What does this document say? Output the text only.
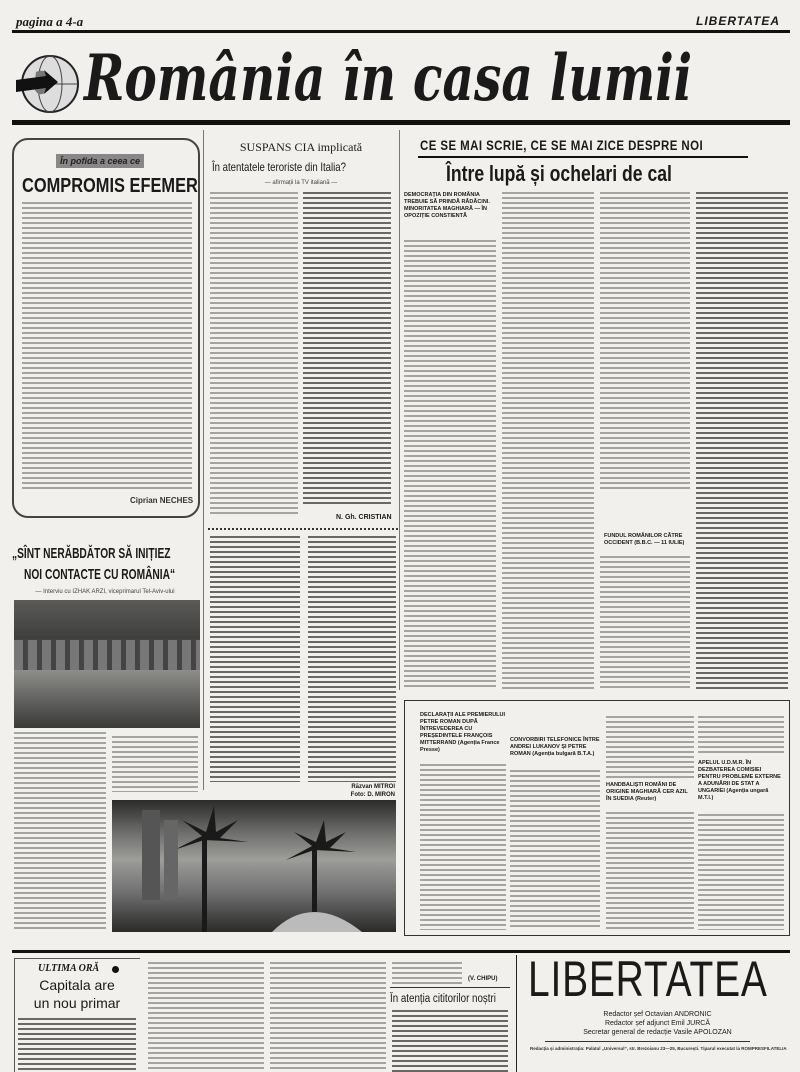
pagina a 4-a	LIBERTATEA
România în casa lumii
În pofida a ceea ce
COMPROMIS EFEMER
Ciprian NECHES
„SÎNT NERĂBDĂTOR SĂ INIȚIEZ
NOI CONTACTE CU ROMÂNIA“
— Interviu cu IZHAK ARZI, viceprimarul Tel-Aviv-ului
SUSPANS CIA implicată
În atentatele teroriste din Italia?
— afirmații la TV italiană —
N. Gh. CRISTIAN
Răzvan MITROI
Foto: D. MIRON
CE SE MAI SCRIE, CE SE MAI ZICE DESPRE NOI
Între lupă și ochelari de cal
DEMOCRAȚIA DIN ROMÂNIA TREBUIE SĂ PRINDĂ RĂDĂCINI. MINORITATEA MAGHIARĂ — ÎN OPOZIȚIE CONSTIENTĂ
FUNDUL ROMÂNILOR CĂTRE OCCIDENT (B.B.C. — 11 IULIE)
DECLARAȚII ALE PREMIERULUI PETRE ROMAN DUPĂ ÎNTREVEDEREA CU PREȘEDINTELE FRANÇOIS MITTERRAND (Agenția France Presse)
CONVORBIRI TELEFONICE ÎNTRE ANDREI LUKANOV ȘI PETRE ROMAN (Agenția bulgară B.T.A.)
HANDBALIȘTI ROMÂNI DE ORIGINE MAGHIARĂ CER AZIL ÎN SUEDIA (Reuter)
APELUL U.D.M.R. ÎN DEZBATEREA COMISIEI PENTRU PROBLEME EXTERNE A ADUNĂRII DE STAT A UNGARIEI (Agenția ungară M.T.I.)
ULTIMA ORĂ
Capitala are
un nou primar
(V. CHIPU)
În atenția cititorilor noștri LIBERTATEA
Redactor șef Octavian ANDRONIC
Redactor șef adjunct Emil JURCĂ
Secretar general de redacție Vasile APOLOZAN
Redacția și administrația: Palatul „Universul”, str. Brezoianu 23—25, București. Tiparul executat la ROMPRESFILATELIA
